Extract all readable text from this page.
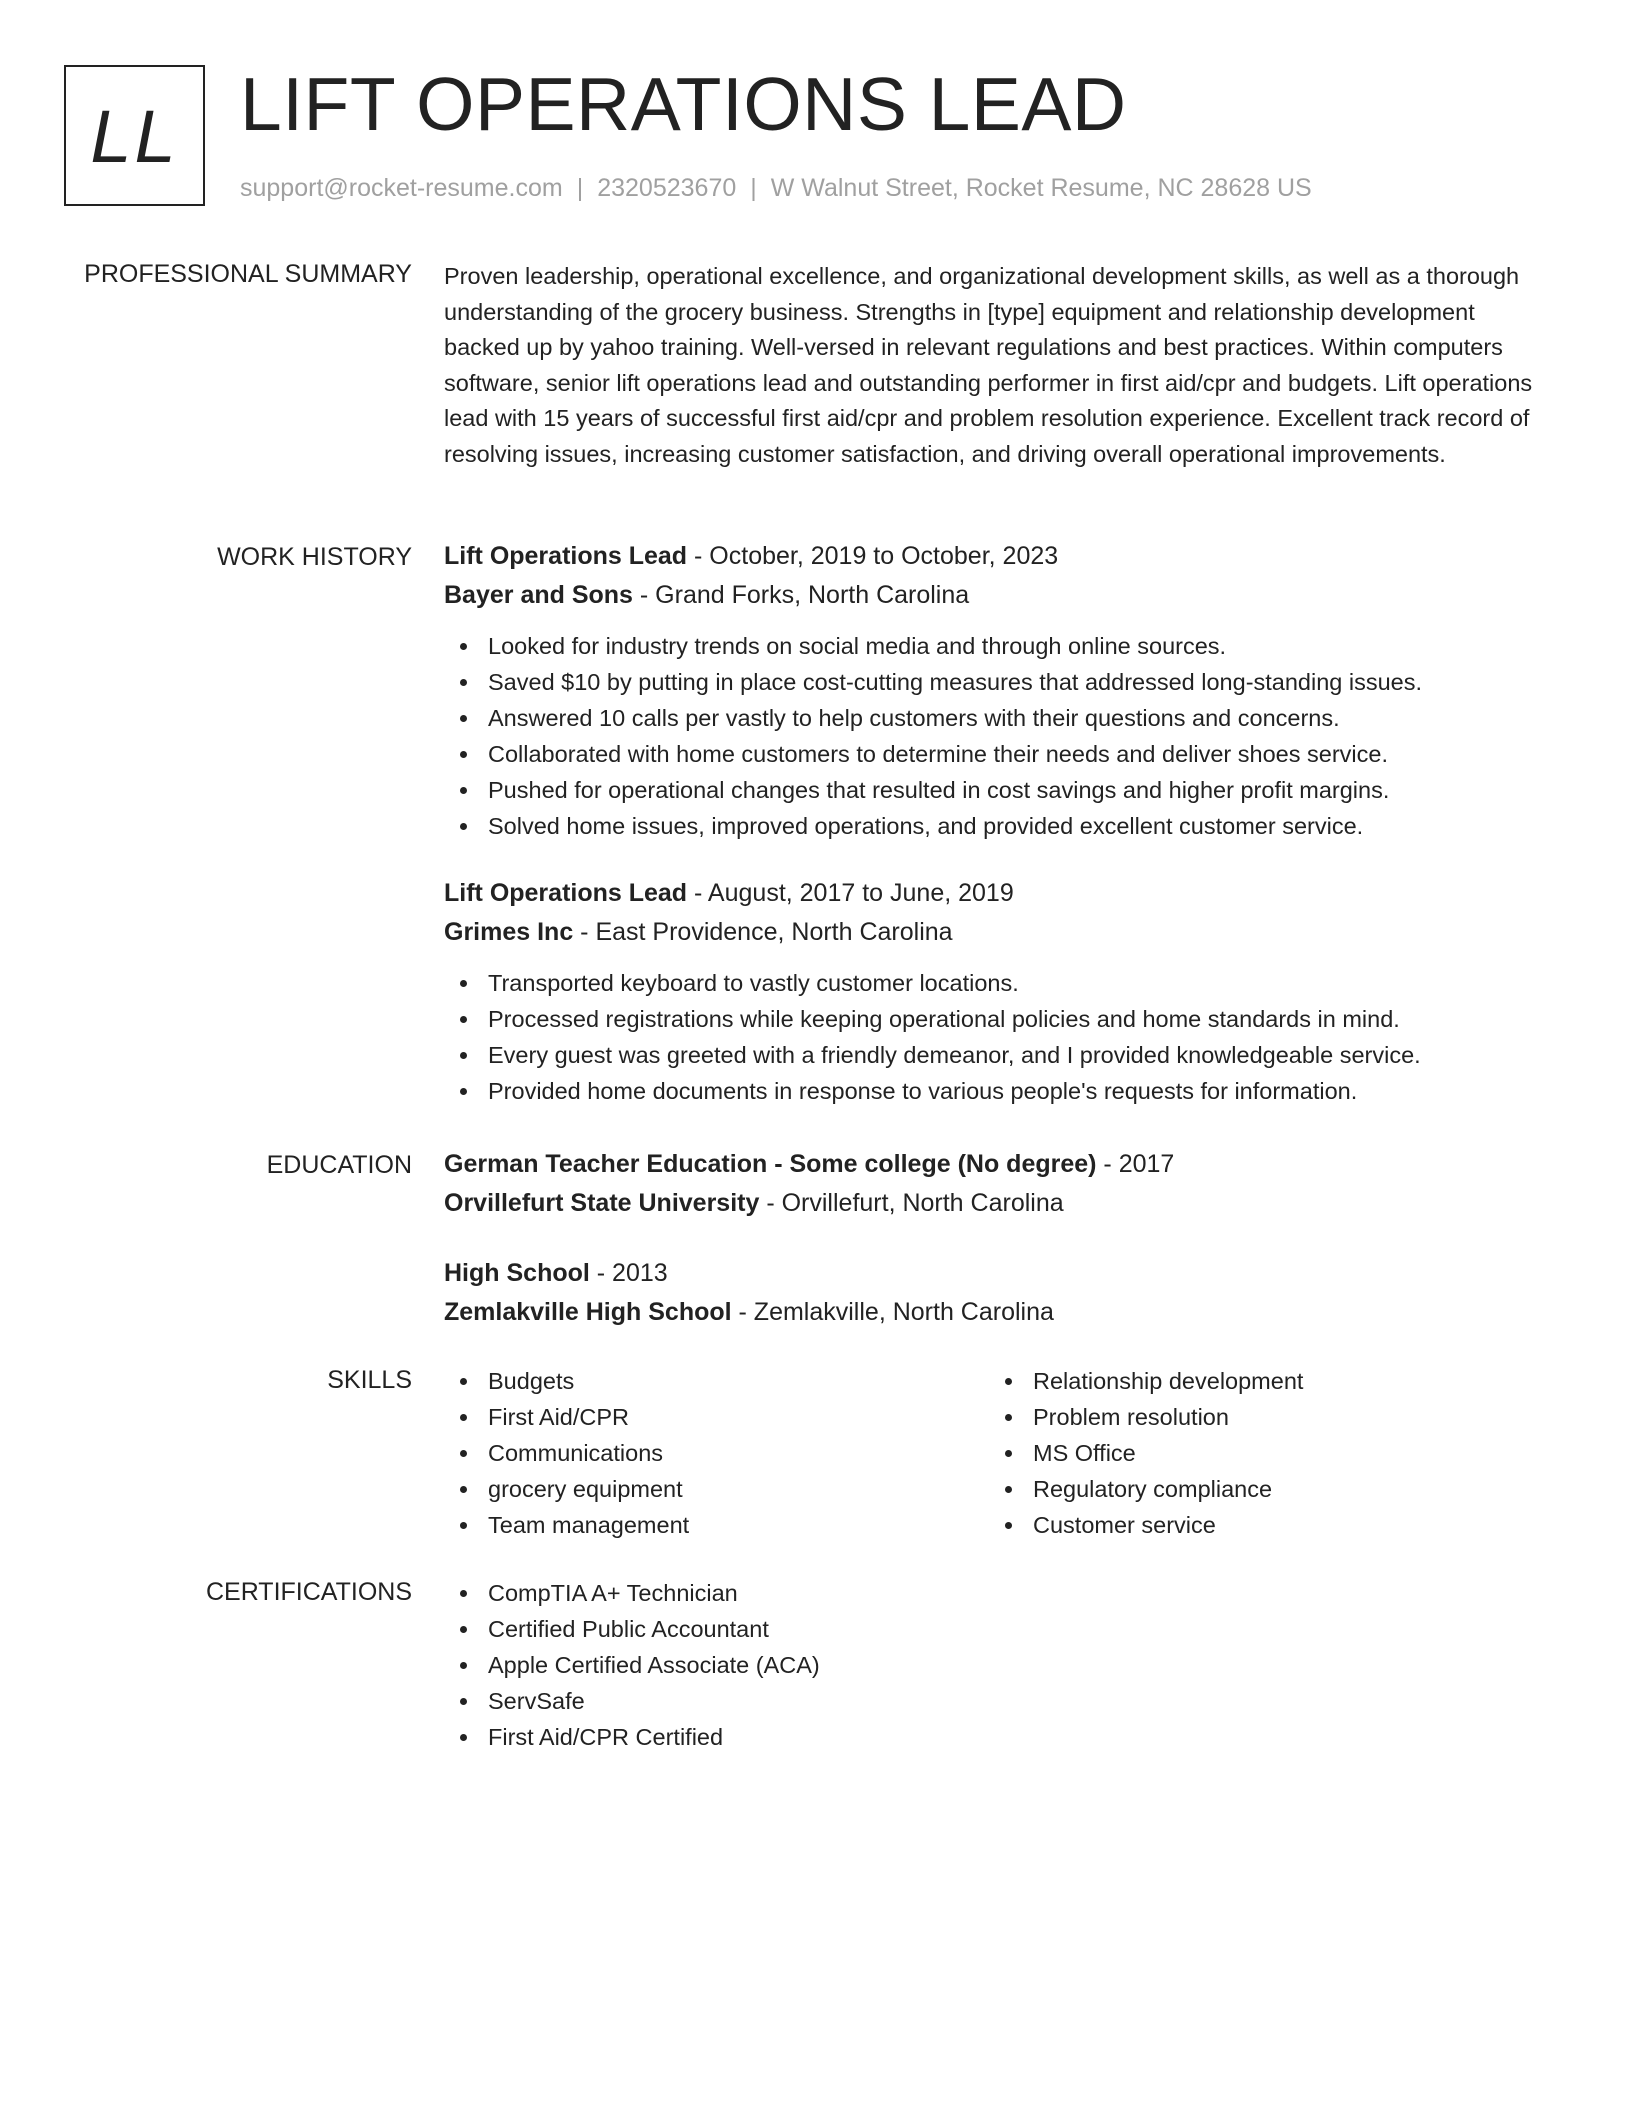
LL LIFT OPERATIONS LEAD
support@rocket-resume.com | 2320523670 | W Walnut Street, Rocket Resume, NC 28628 US
PROFESSIONAL SUMMARY Proven leadership, operational excellence, and organizational development skills, as well as a thorough understanding of the grocery business. Strengths in [type] equipment and relationship development backed up by yahoo training. Well-versed in relevant regulations and best practices. Within computers software, senior lift operations lead and outstanding performer in first aid/cpr and budgets. Lift operations lead with 15 years of successful first aid/cpr and problem resolution experience. Excellent track record of resolving issues, increasing customer satisfaction, and driving overall operational improvements.

WORK HISTORY Lift Operations Lead - October, 2019 to October, 2023

Bayer and Sons - Grand Forks, North Carolina

Looked for industry trends on social media and through online sources.
Saved $10 by putting in place cost-cutting measures that addressed long-standing issues.
Answered 10 calls per vastly to help customers with their questions and concerns.
Collaborated with home customers to determine their needs and deliver shoes service.
Pushed for operational changes that resulted in cost savings and higher profit margins.
Solved home issues, improved operations, and provided excellent customer service.

Lift Operations Lead - August, 2017 to June, 2019

Grimes Inc - East Providence, North Carolina

Transported keyboard to vastly customer locations.
Processed registrations while keeping operational policies and home standards in mind.
Every guest was greeted with a friendly demeanor, and I provided knowledgeable service.
Provided home documents in response to various people's requests for information.
EDUCATION German Teacher Education - Some college (No degree) - 2017

Orvillefurt State University - Orvillefurt, North Carolina

High School - 2013

Zemlakville High School - Zemlakville, North Carolina

SKILLS	Budgets
First Aid/CPR
Communications
grocery equipment
Team management
Relationship development
Problem resolution
MS Office
Regulatory compliance
Customer service
CERTIFICATIONS	CompTIA A+ Technician
Certified Public Accountant
Apple Certified Associate (ACA)
ServSafe
First Aid/CPR Certified
